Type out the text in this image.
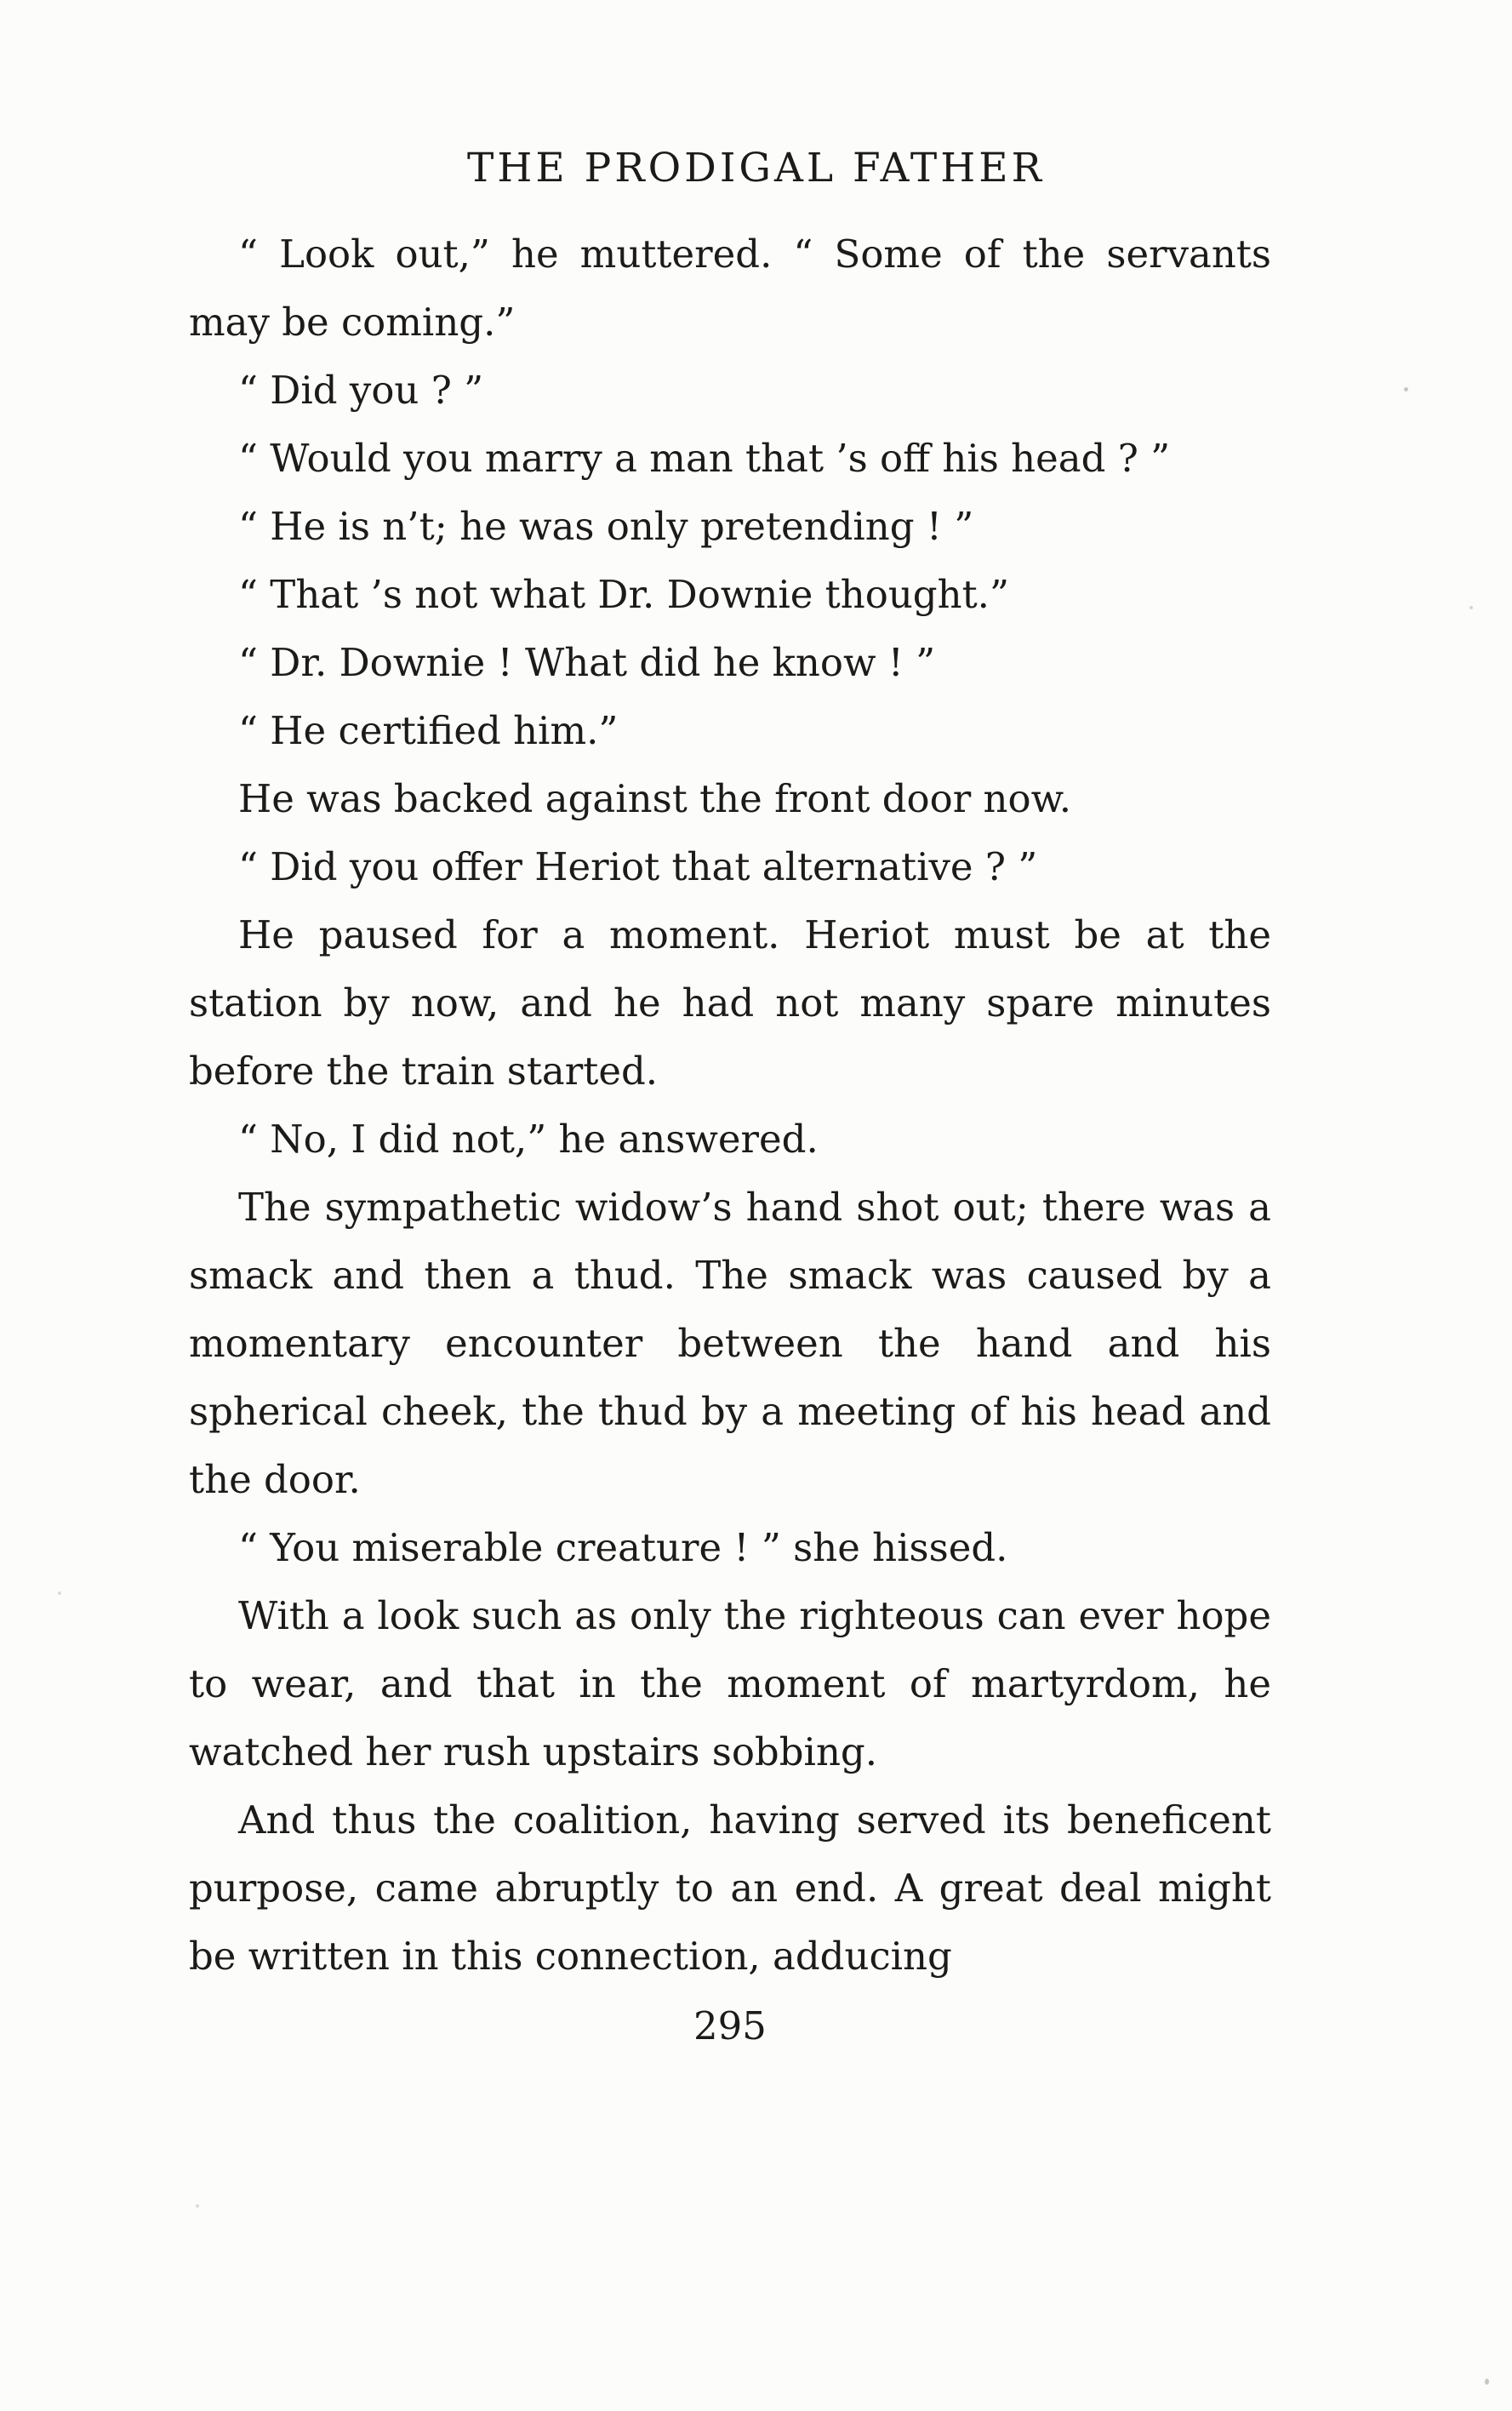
THE PRODIGAL FATHER

“ Look out,” he muttered. “ Some of the servants may be coming.”

“ Did you ? ”

“ Would you marry a man that ’s off his head ? ”

“ He is n’t; he was only pretending ! ”

“ That ’s not what Dr. Downie thought.”

“ Dr. Downie ! What did he know ! ”

“ He certified him.”

He was backed against the front door now.

“ Did you offer Heriot that alternative ? ”

He paused for a moment. Heriot must be at the station by now, and he had not many spare minutes before the train started.

“ No, I did not,” he answered.

The sympathetic widow’s hand shot out; there was a smack and then a thud. The smack was caused by a momentary encounter between the hand and his spherical cheek, the thud by a meeting of his head and the door.

“ You miserable creature ! ” she hissed.

With a look such as only the righteous can ever hope to wear, and that in the moment of martyrdom, he watched her rush upstairs sobbing.

And thus the coalition, having served its beneficent purpose, came abruptly to an end. A great deal might be written in this connection, adducing

295
